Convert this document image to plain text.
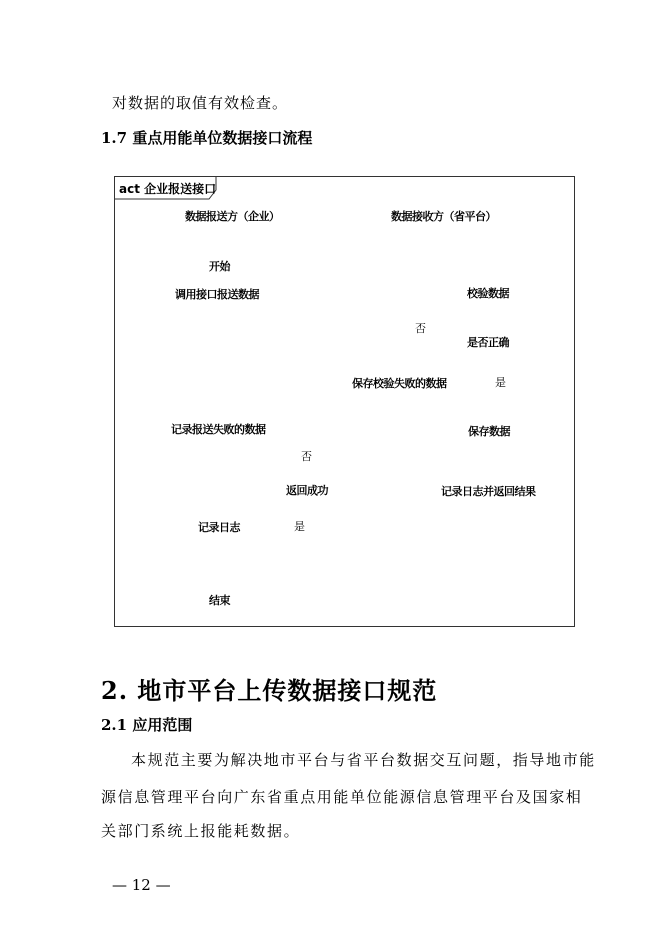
对数据的取值有效检查。
1.7 重点用能单位数据接口流程
act 企业报送接口
数据报送方（企业）	数据接收方（省平台）
开始
调用接口报送数据	校验数据
否
是否正确
保存校验失败的数据	是
记录报送失败的数据	保存数据
否
返回成功	记录日志并返回结果
记录日志	是
结束
2. 地市平台上传数据接口规范
2.1 应用范围
本规范主要为解决地市平台与省平台数据交互问题，指导地市能
源信息管理平台向广东省重点用能单位能源信息管理平台及国家相
关部门系统上报能耗数据。
— 12 —
